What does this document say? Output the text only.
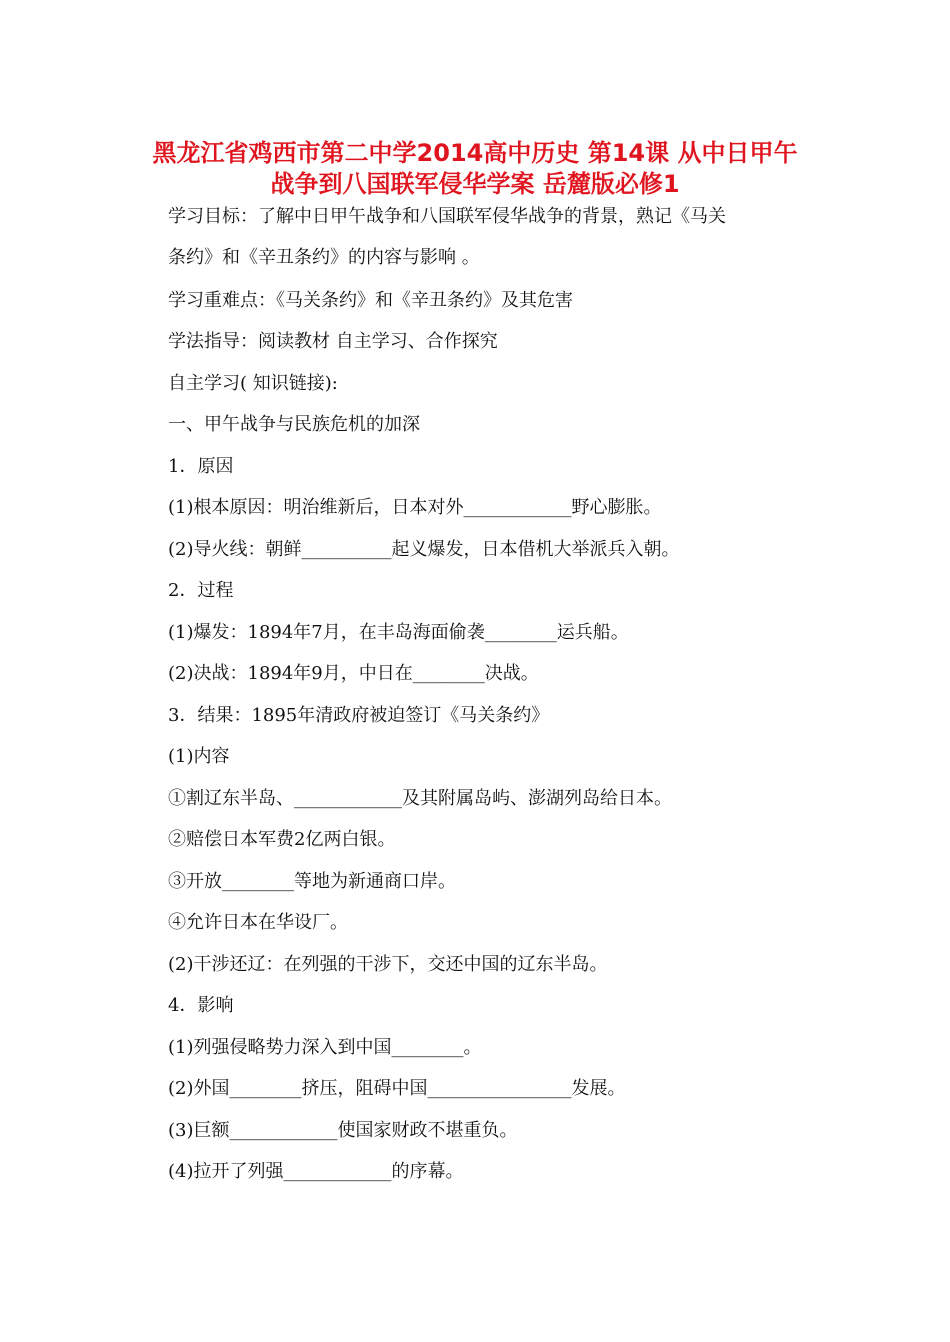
黑龙江省鸡西市第二中学2014高中历史 第14课 从中日甲午战争到八国联军侵华学案 岳麓版必修1

学习目标：了解中日甲午战争和八国联军侵华战争的背景，熟记《马关

条约》和《辛丑条约》的内容与影响 。

学习重难点：《马关条约》和《辛丑条约》及其危害

学法指导：阅读教材 自主学习、合作探究

自主学习( 知识链接):

一、甲午战争与民族危机的加深

1．原因

(1)根本原因：明治维新后，日本对外____________野心膨胀。

(2)导火线：朝鲜__________起义爆发，日本借机大举派兵入朝。

2．过程

(1)爆发：1894年7月，在丰岛海面偷袭________运兵船。

(2)决战：1894年9月，中日在________决战。

3．结果：1895年清政府被迫签订《马关条约》

(1)内容

①割辽东半岛、____________及其附属岛屿、澎湖列岛给日本。

②赔偿日本军费2亿两白银。

③开放________等地为新通商口岸。

④允许日本在华设厂。

(2)干涉还辽：在列强的干涉下，交还中国的辽东半岛。

4．影响

(1)列强侵略势力深入到中国________。

(2)外国________挤压，阻碍中国________________发展。

(3)巨额____________使国家财政不堪重负。

(4)拉开了列强____________的序幕。
